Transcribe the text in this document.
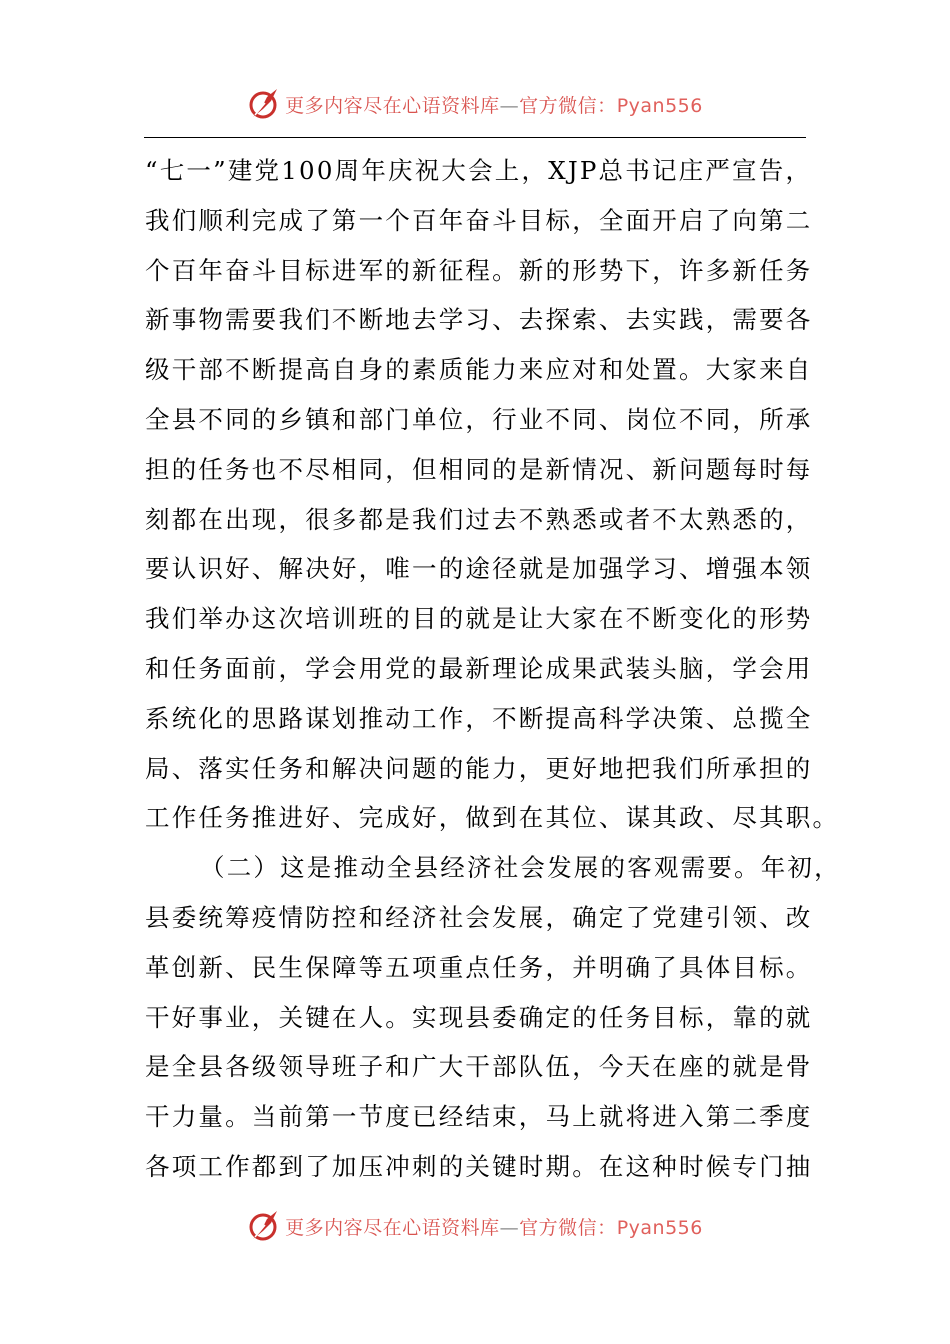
更多内容尽在心语资料库—官方微信：Pyan556
“七一”建党100周年庆祝大会上，XJP总书记庄严宣告，
我们顺利完成了第一个百年奋斗目标，全面开启了向第二
个百年奋斗目标进军的新征程。新的形势下，许多新任务
新事物需要我们不断地去学习、去探索、去实践，需要各
级干部不断提高自身的素质能力来应对和处置。大家来自
全县不同的乡镇和部门单位，行业不同、岗位不同，所承
担的任务也不尽相同，但相同的是新情况、新问题每时每
刻都在出现，很多都是我们过去不熟悉或者不太熟悉的，
要认识好、解决好，唯一的途径就是加强学习、增强本领
我们举办这次培训班的目的就是让大家在不断变化的形势
和任务面前，学会用党的最新理论成果武装头脑，学会用
系统化的思路谋划推动工作，不断提高科学决策、总揽全
局、落实任务和解决问题的能力，更好地把我们所承担的
工作任务推进好、完成好，做到在其位、谋其政、尽其职。
（二）这是推动全县经济社会发展的客观需要。年初，
县委统筹疫情防控和经济社会发展，确定了党建引领、改
革创新、民生保障等五项重点任务，并明确了具体目标。
干好事业，关键在人。实现县委确定的任务目标，靠的就
是全县各级领导班子和广大干部队伍，今天在座的就是骨
干力量。当前第一节度已经结束，马上就将进入第二季度
各项工作都到了加压冲刺的关键时期。在这种时候专门抽
更多内容尽在心语资料库—官方微信：Pyan556
